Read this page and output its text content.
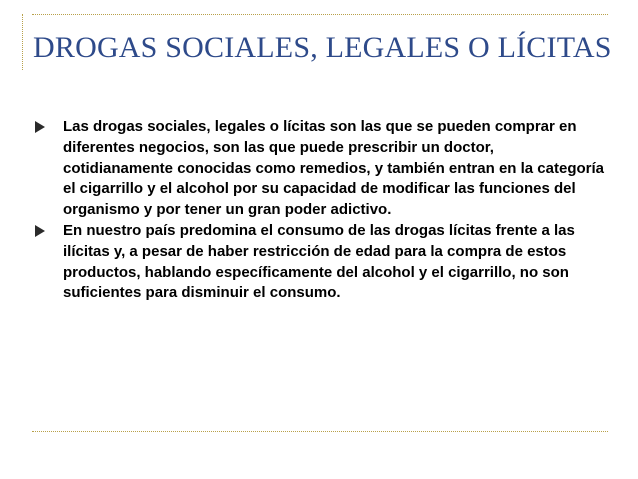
DROGAS SOCIALES, LEGALES O LÍCITAS
Las drogas sociales, legales o lícitas son las que se pueden comprar en diferentes negocios, son las que puede prescribir un doctor, cotidianamente conocidas como remedios, y también entran en la categoría el cigarrillo y el alcohol por su capacidad de modificar las funciones del organismo y por tener un gran poder adictivo.
En nuestro país predomina el consumo de las drogas lícitas frente a las ilícitas y, a pesar de haber restricción de edad para la compra de estos productos, hablando específicamente del alcohol y el cigarrillo, no son suficientes para disminuir el consumo.
